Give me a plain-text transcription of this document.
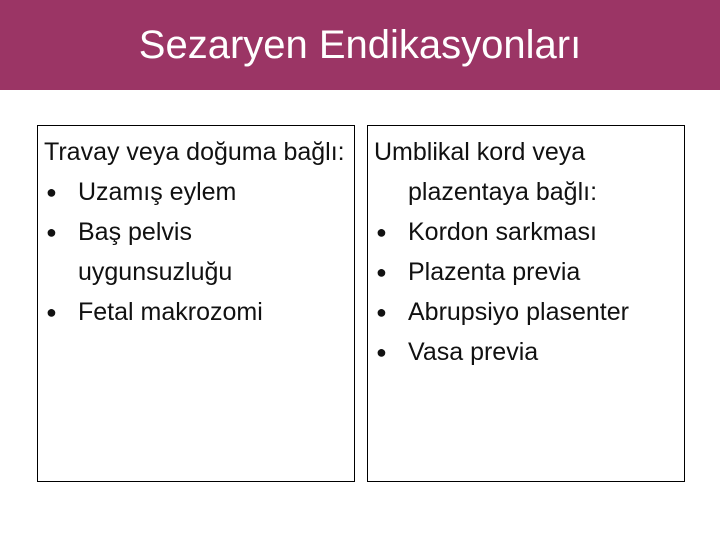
Sezaryen Endikasyonları
Travay veya doğuma bağlı:
● Uzamış eylem
● Baş pelvis uygunsuzluğu
● Fetal makrozomi
Umblikal kord veya plazentaya bağlı:
● Kordon sarkması
● Plazenta previa
● Abrupsiyo plasenter
● Vasa previa
